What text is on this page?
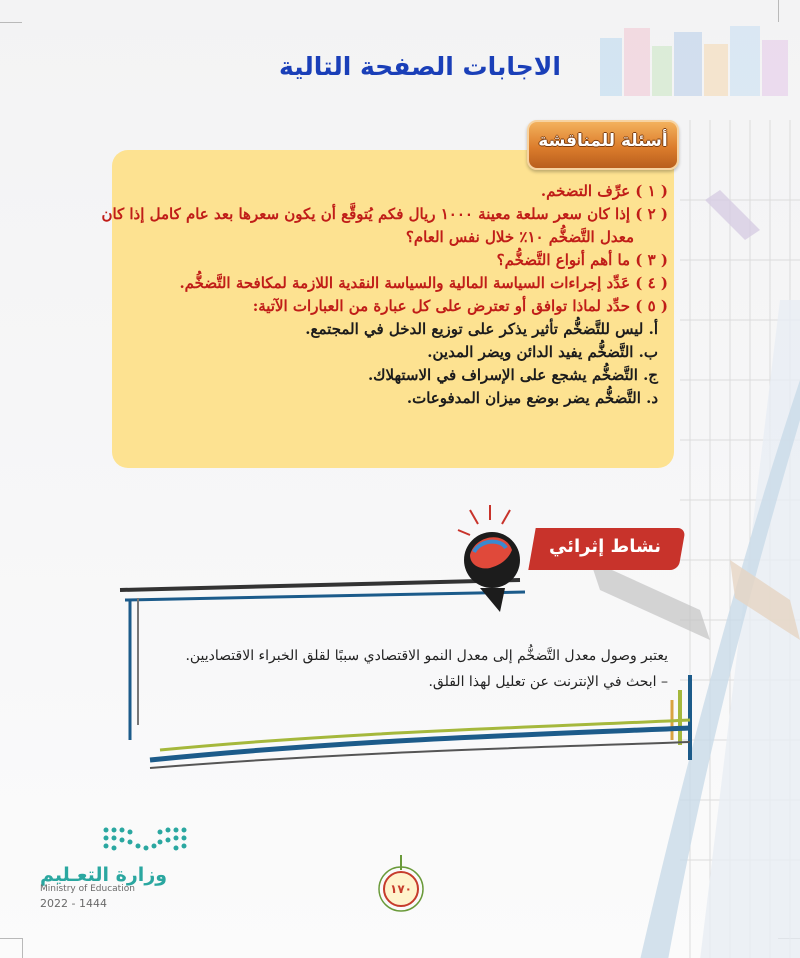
الاجابات الصفحة التالية
أسئلة للمناقشة
( ١ ) عرِّف التضخم.
( ٢ ) إذا كان سعر سلعة معينة ١٠٠٠ ريال فكم يُتوقَّع أن يكون سعرها بعد عام كامل إذا كان
معدل التَّضخُّم ١٠٪ خلال نفس العام؟
( ٣ ) ما أهم أنواع التَّضخُّم؟
( ٤ ) عَدِّد إجراءات السياسة المالية والسياسة النقدية اللازمة لمكافحة التَّضخُّم.
( ٥ ) حدِّد لماذا توافق أو تعترض على كل عبارة من العبارات الآتية:
أ. ليس للتَّضخُّم تأثير يذكر على توزيع الدخل في المجتمع.
ب. التَّضخُّم يفيد الدائن ويضر المدين.
ج. التَّضخُّم يشجع على الإسراف في الاستهلاك.
د. التَّضخُّم يضر بوضع ميزان المدفوعات.
نشاط إثرائي
يعتبر وصول معدل التَّضخُّم إلى معدل النمو الاقتصادي سببًا لقلق الخبراء الاقتصاديين.
– ابحث في الإنترنت عن تعليل لهذا القلق.
وزارة التعـليم
Ministry of Education
2022 - 1444
١٧٠
